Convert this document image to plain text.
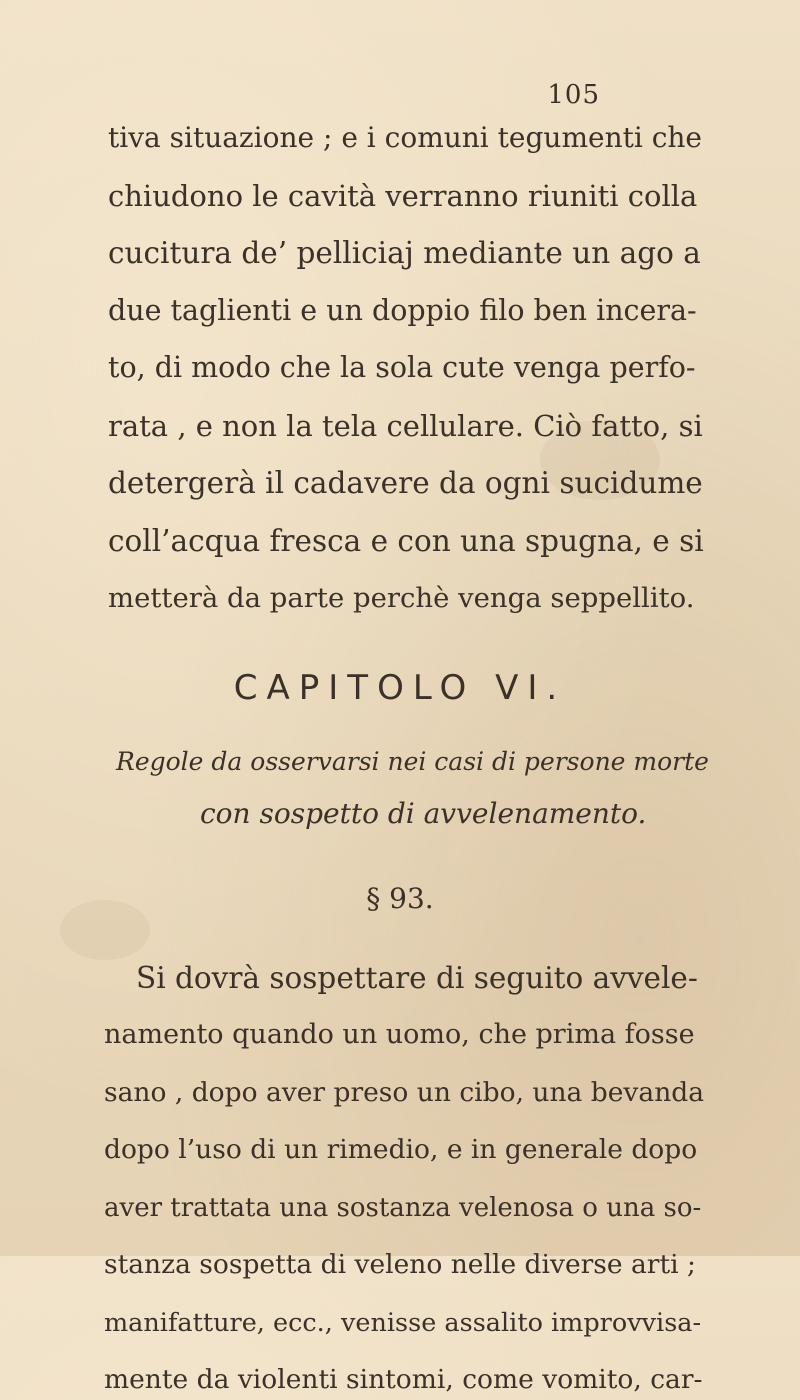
105
tiva situazione ; e i comuni tegumenti che
chiudono le cavità verranno riuniti colla
cucitura de’ pelliciaj mediante un ago a
due taglienti e un doppio filo ben incera-
to, di modo che la sola cute venga perfo-
rata , e non la tela cellulare. Ciò fatto, si
detergerà il cadavere da ogni sucidume
coll’acqua fresca e con una spugna, e si
metterà da parte perchè venga seppellito.
CAPITOLO VI.
Regole da osservarsi nei casi di persone morte
con sospetto di avvelenamento.
§ 93.
Si dovrà sospettare di seguito avvele-
namento quando un uomo, che prima fosse
sano , dopo aver preso un cibo, una bevanda
dopo l’uso di un rimedio, e in generale dopo
aver trattata una sostanza velenosa o una so-
stanza sospetta di veleno nelle diverse arti ;
manifatture, ecc., venisse assalito improvvisa-
mente da violenti sintomi, come vomito, car-
